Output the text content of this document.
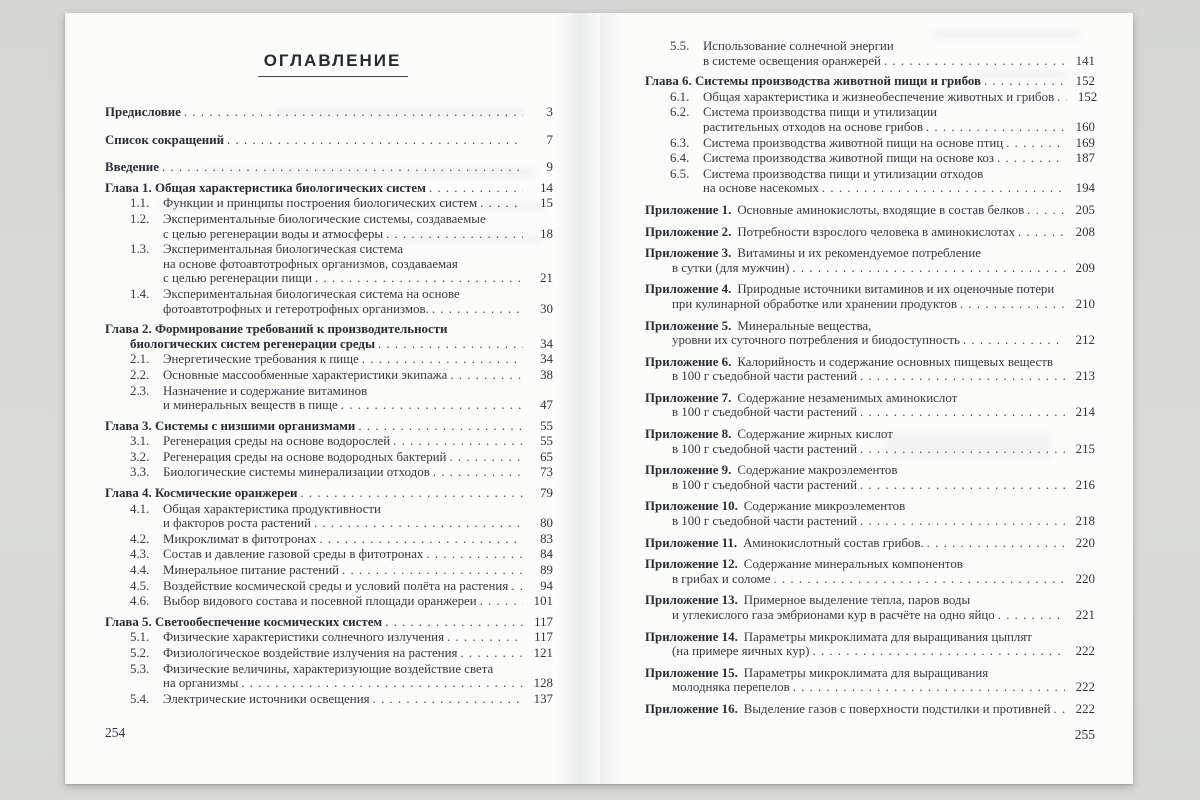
ОГЛАВЛЕНИЕ
Предисловие . . .	3
Список сокращений . . .	7
Введение . . .	9
Глава 1. Общая характеристика биологических систем . . .	14
1.1.	Функции и принципы построения биологических систем . . .	15
1.2.	Экспериментальные биологические системы, создаваемые
с целью регенерации воды и атмосферы . . .	18
1.3.	Экспериментальная биологическая система
на основе фотоавтотрофных организмов, создаваемая
с целью регенерации пищи . . .	21
1.4.	Экспериментальная биологическая система на основе
фотоавтотрофных и гетеротрофных организмов. . . .	30
Глава 2. Формирование требований к производительности
биологических систем регенерации среды . . .	34
2.1.	Энергетические требования к пище . . .	34
2.2.	Основные массообменные характеристики экипажа . . .	38
2.3.	Назначение и содержание витаминов
и минеральных веществ в пище . . .	47
Глава 3. Системы с низшими организмами . . .	55
3.1.	Регенерация среды на основе водорослей . . .	55
3.2.	Регенерация среды на основе водородных бактерий . . .	65
3.3.	Биологические системы минерализации отходов . . .	73
Глава 4. Космические оранжереи . . .	79
4.1.	Общая характеристика продуктивности
и факторов роста растений . . .	80
4.2.	Микроклимат в фитотронах . . .	83
4.3.	Состав и давление газовой среды в фитотронах . . .	84
4.4.	Минеральное питание растений . . .	89
4.5.	Воздействие космической среды и условий полёта на растения . . .	94
4.6.	Выбор видового состава и посевной площади оранжереи . . .	101
Глава 5. Светообеспечение космических систем . . .	117
5.1.	Физические характеристики солнечного излучения . . .	117
5.2.	Физиологическое воздействие излучения на растения . . .	121
5.3.	Физические величины, характеризующие воздействие света
на организмы . . .	128
5.4.	Электрические источники освещения . . .	137
254
5.5.	Использование солнечной энергии
в системе освещения оранжерей . . .	141
Глава 6. Системы производства животной пищи и грибов . . .	152
6.1.	Общая характеристика и жизнеобеспечение животных и грибов . . .	152
6.2.	Система производства пищи и утилизации
растительных отходов на основе грибов . . .	160
6.3.	Система производства животной пищи на основе птиц . . .	169
6.4.	Система производства животной пищи на основе коз . . .	187
6.5.	Система производства пищи и утилизации отходов
на основе насекомых . . .	194
Приложение 1. Основные аминокислоты, входящие в состав белков . . .	205
Приложение 2. Потребности взрослого человека в аминокислотах . . .	208
Приложение 3. Витамины и их рекомендуемое потребление
в сутки (для мужчин) . . .	209
Приложение 4. Природные источники витаминов и их оценочные потери
при кулинарной обработке или хранении продуктов . . .	210
Приложение 5. Минеральные вещества,
уровни их суточного потребления и биодоступность . . .	212
Приложение 6. Калорийность и содержание основных пищевых веществ
в 100 г съедобной части растений . . .	213
Приложение 7. Содержание незаменимых аминокислот
в 100 г съедобной части растений . . .	214
Приложение 8. Содержание жирных кислот
в 100 г съедобной части растений . . .	215
Приложение 9. Содержание макроэлементов
в 100 г съедобной части растений . . .	216
Приложение 10. Содержание микроэлементов
в 100 г съедобной части растений . . .	218
Приложение 11. Аминокислотный состав грибов. . . .	220
Приложение 12. Содержание минеральных компонентов
в грибах и соломе . . .	220
Приложение 13. Примерное выделение тепла, паров воды
и углекислого газа эмбрионами кур в расчёте на одно яйцо . . .	221
Приложение 14. Параметры микроклимата для выращивания цыплят
(на примере яичных кур) . . .	222
Приложение 15. Параметры микроклимата для выращивания
молодняка перепелов . . .	222
Приложение 16. Выделение газов с поверхности подстилки и противней . . .	222
255
